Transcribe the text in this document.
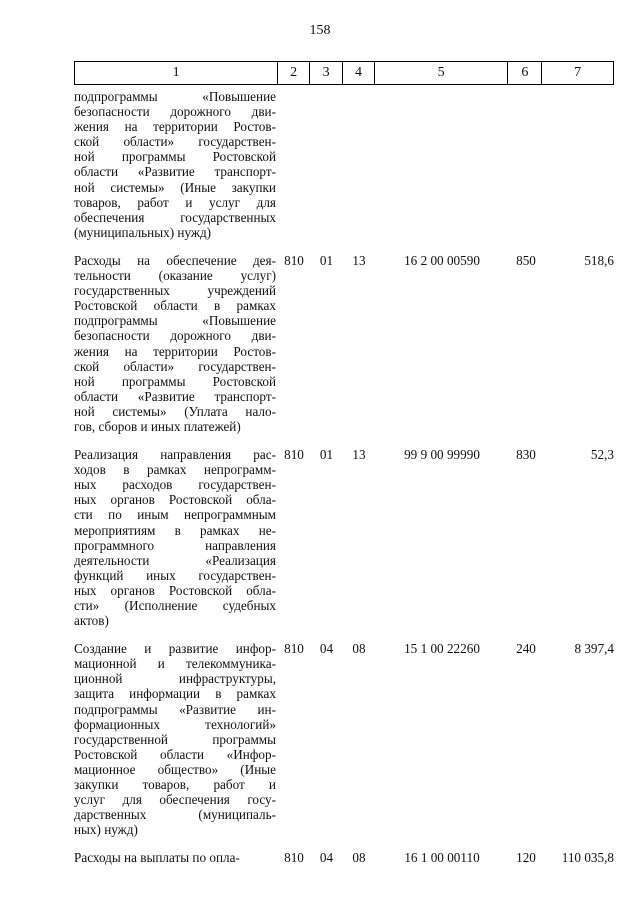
158
1	2	3	4	5	6	7
подпрограммы «Повышение
безопасности дорожного дви-
жения на территории Ростов-
ской области» государствен-
ной программы Ростовской
области «Развитие транспорт-
ной системы» (Иные закупки
товаров, работ и услуг для
обеспечения государственных
(муниципальных) нужд)
Расходы на обеспечение дея-
тельности (оказание услуг)
государственных учреждений
Ростовской области в рамках
подпрограммы «Повышение
безопасности дорожного дви-
жения на территории Ростов-
ской области» государствен-
ной программы Ростовской
области «Развитие транспорт-
ной системы» (Уплата нало-
гов, сборов и иных платежей)
810	01	13	16 2 00 00590	850	518,6
Реализация направления рас-
ходов в рамках непрограмм-
ных расходов государствен-
ных органов Ростовской обла-
сти по иным непрограммным
мероприятиям в рамках не-
программного направления
деятельности «Реализация
функций иных государствен-
ных органов Ростовской обла-
сти» (Исполнение судебных
актов)
810	01	13	99 9 00 99990	830	52,3
Создание и развитие инфор-
мационной и телекоммуника-
ционной инфраструктуры,
защита информации в рамках
подпрограммы «Развитие ин-
формационных технологий»
государственной программы
Ростовской области «Инфор-
мационное общество» (Иные
закупки товаров, работ и
услуг для обеспечения госу-
дарственных (муниципаль-
ных) нужд)
810	04	08	15 1 00 22260	240	8 397,4
Расходы на выплаты по опла-	810	04	08	16 1 00 00110	120	110 035,8
